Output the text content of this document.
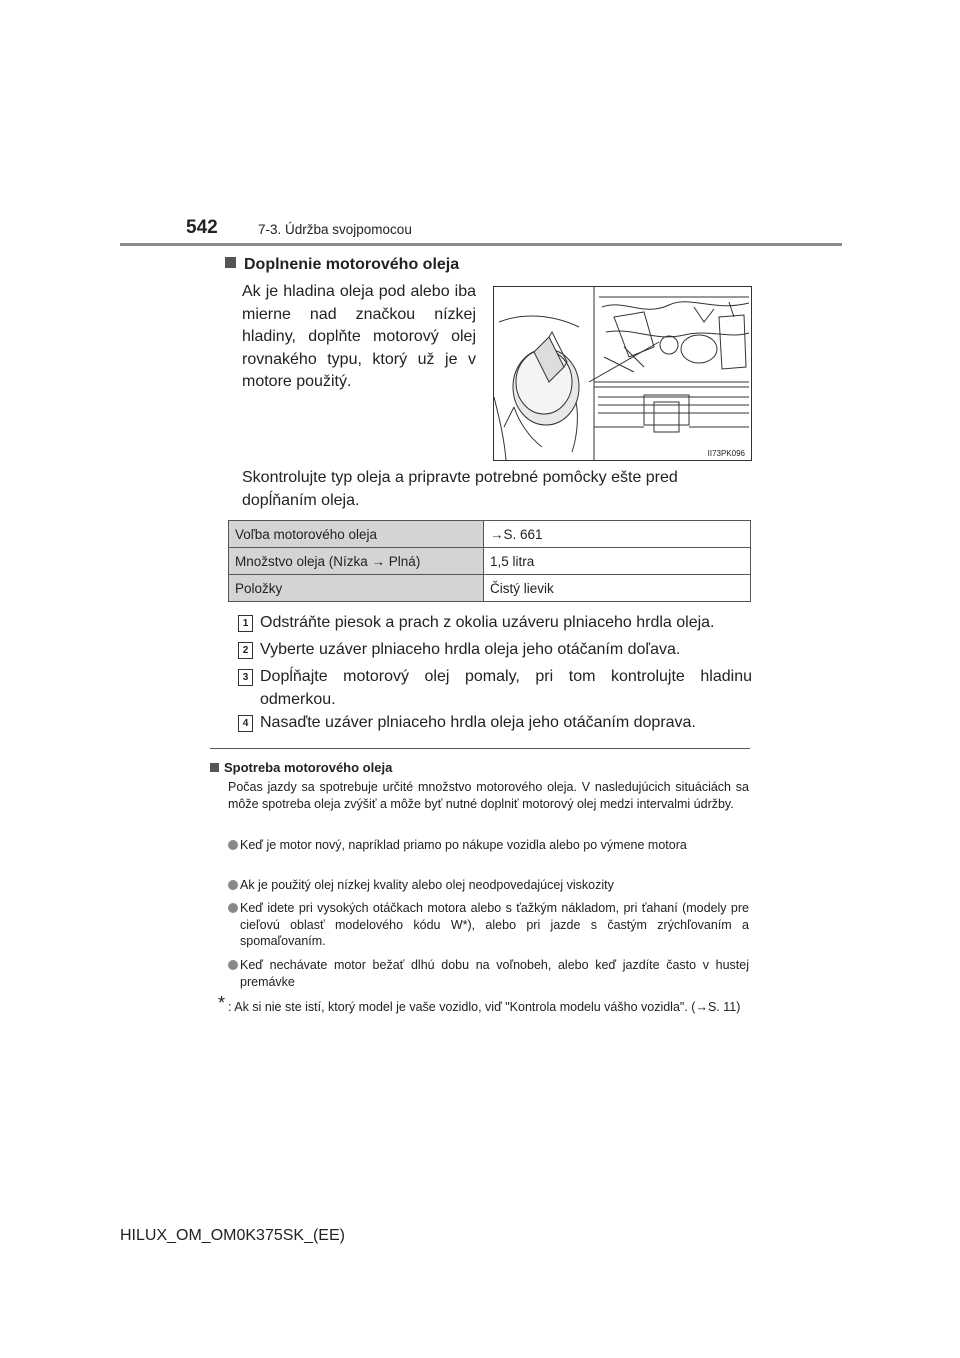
542	7-3. Údržba svojpomocou
Doplnenie motorového oleja
Ak je hladina oleja pod alebo iba mierne nad značkou nízkej hladiny, doplňte motorový olej rovnakého typu, ktorý už je v motore použitý.
II73PK096
Skontrolujte typ oleja a pripravte potrebné pomôcky ešte pred dopĺňaním oleja.
Voľba motorového oleja	→S. 661
Množstvo oleja (Nízka → Plná)	1,5 litra
Položky	Čistý lievik
1 Odstráňte piesok a prach z okolia uzáveru plniaceho hrdla oleja.
2 Vyberte uzáver plniaceho hrdla oleja jeho otáčaním doľava.
3 Dopĺňajte motorový olej pomaly, pri tom kontrolujte hladinu odmerkou.
4 Nasaďte uzáver plniaceho hrdla oleja jeho otáčaním doprava.
Spotreba motorového oleja
Počas jazdy sa spotrebuje určité množstvo motorového oleja. V nasledujúcich situáciách sa môže spotreba oleja zvýšiť a môže byť nutné doplniť motorový olej medzi intervalmi údržby.
Keď je motor nový, napríklad priamo po nákupe vozidla alebo po výmene motora
Ak je použitý olej nízkej kvality alebo olej neodpovedajúcej viskozity
Keď idete pri vysokých otáčkach motora alebo s ťažkým nákladom, pri ťahaní (modely pre cieľovú oblasť modelového kódu W*), alebo pri jazde s častým zrýchľovaním a spomaľovaním.
Keď nechávate motor bežať dlhú dobu na voľnobeh, alebo keď jazdíte často v hustej premávke
* : Ak si nie ste istí, ktorý model je vaše vozidlo, viď "Kontrola modelu vášho vozidla". (→S. 11)
HILUX_OM_OM0K375SK_(EE)
